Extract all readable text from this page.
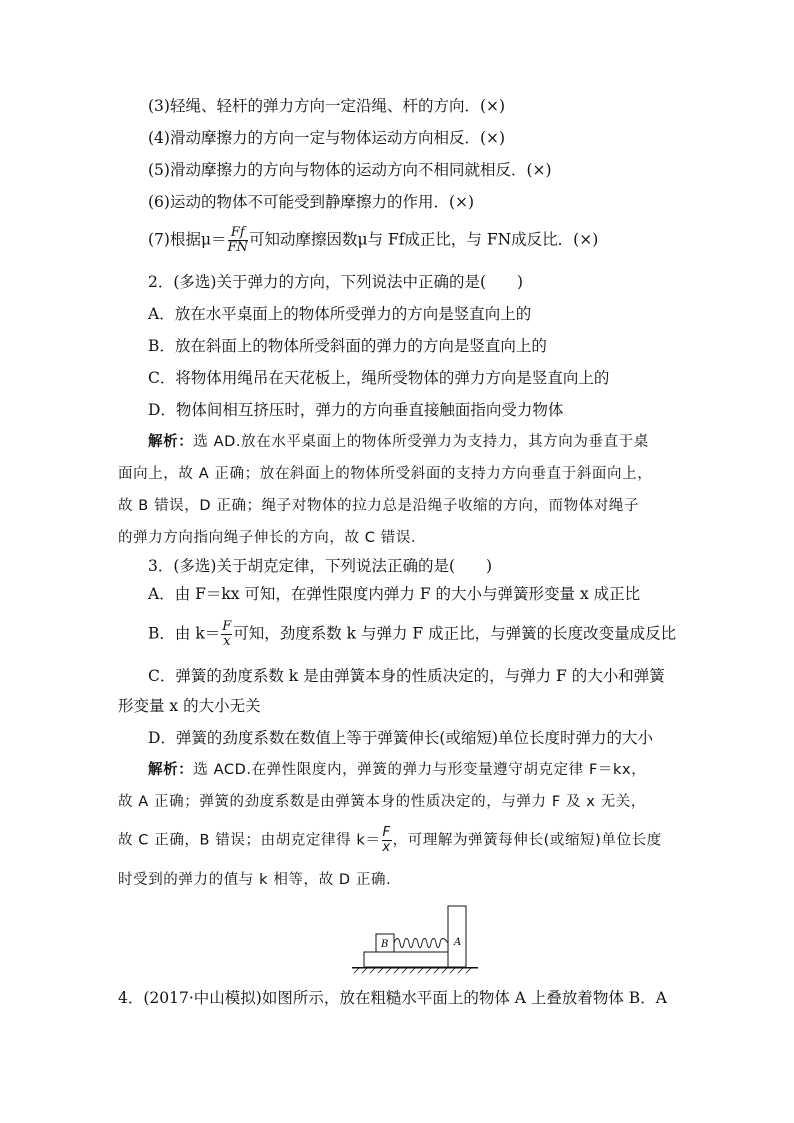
(3)轻绳、轻杆的弹力方向一定沿绳、杆的方向．(×)
(4)滑动摩擦力的方向一定与物体运动方向相反．(×)
(5)滑动摩擦力的方向与物体的运动方向不相同就相反．(×)
(6)运动的物体不可能受到静摩擦力的作用．(×)
(7)根据$\mu= \frac{Ff}{FN}$ 可知动摩擦因数μ与 Ff成正比，与 FN成反比．(×)
2．(多选)关于弹力的方向，下列说法中正确的是(　　)
A．放在水平桌面上的物体所受弹力的方向是竖直向上的
B．放在斜面上的物体所受斜面的弹力的方向是竖直向上的
C．将物体用绳吊在天花板上，绳所受物体的弹力方向是竖直向上的
D．物体间相互挤压时，弹力的方向垂直接触面指向受力物体
解析：选 AD.放在水平桌面上的物体所受弹力为支持力，其方向为垂直于桌
面向上，故 A 正确；放在斜面上的物体所受斜面的支持力方向垂直于斜面向上，
故 B 错误，D 正确；绳子对物体的拉力总是沿绳子收缩的方向，而物体对绳子
的弹力方向指向绳子伸长的方向，故 C 错误．
3．(多选)关于胡克定律，下列说法正确的是(　　)
A．由 F＝kx 可知，在弹性限度内弹力 F 的大小与弹簧形变量 x 成正比
B．由 $k= \frac{F}{x}$ 可知，劲度系数 k 与弹力 F 成正比，与弹簧的长度改变量成反比
C．弹簧的劲度系数 k 是由弹簧本身的性质决定的，与弹力 F 的大小和弹簧
形变量 x 的大小无关
D．弹簧的劲度系数在数值上等于弹簧伸长(或缩短)单位长度时弹力的大小
解析：选 ACD.在弹性限度内，弹簧的弹力与形变量遵守胡克定律 F＝kx，
故 A 正确；弹簧的劲度系数是由弹簧本身的性质决定的，与弹力 F 及 x 无关，
故 C 正确，B 错误；由胡克定律得 $k= \frac{F}{x}$ ，可理解为弹簧每伸长(或缩短)单位长度
时受到的弹力的值与 k 相等，故 D 正确．
B	A
4．(2017·中山模拟)如图所示，放在粗糙水平面上的物体 A 上叠放着物体 B．A
